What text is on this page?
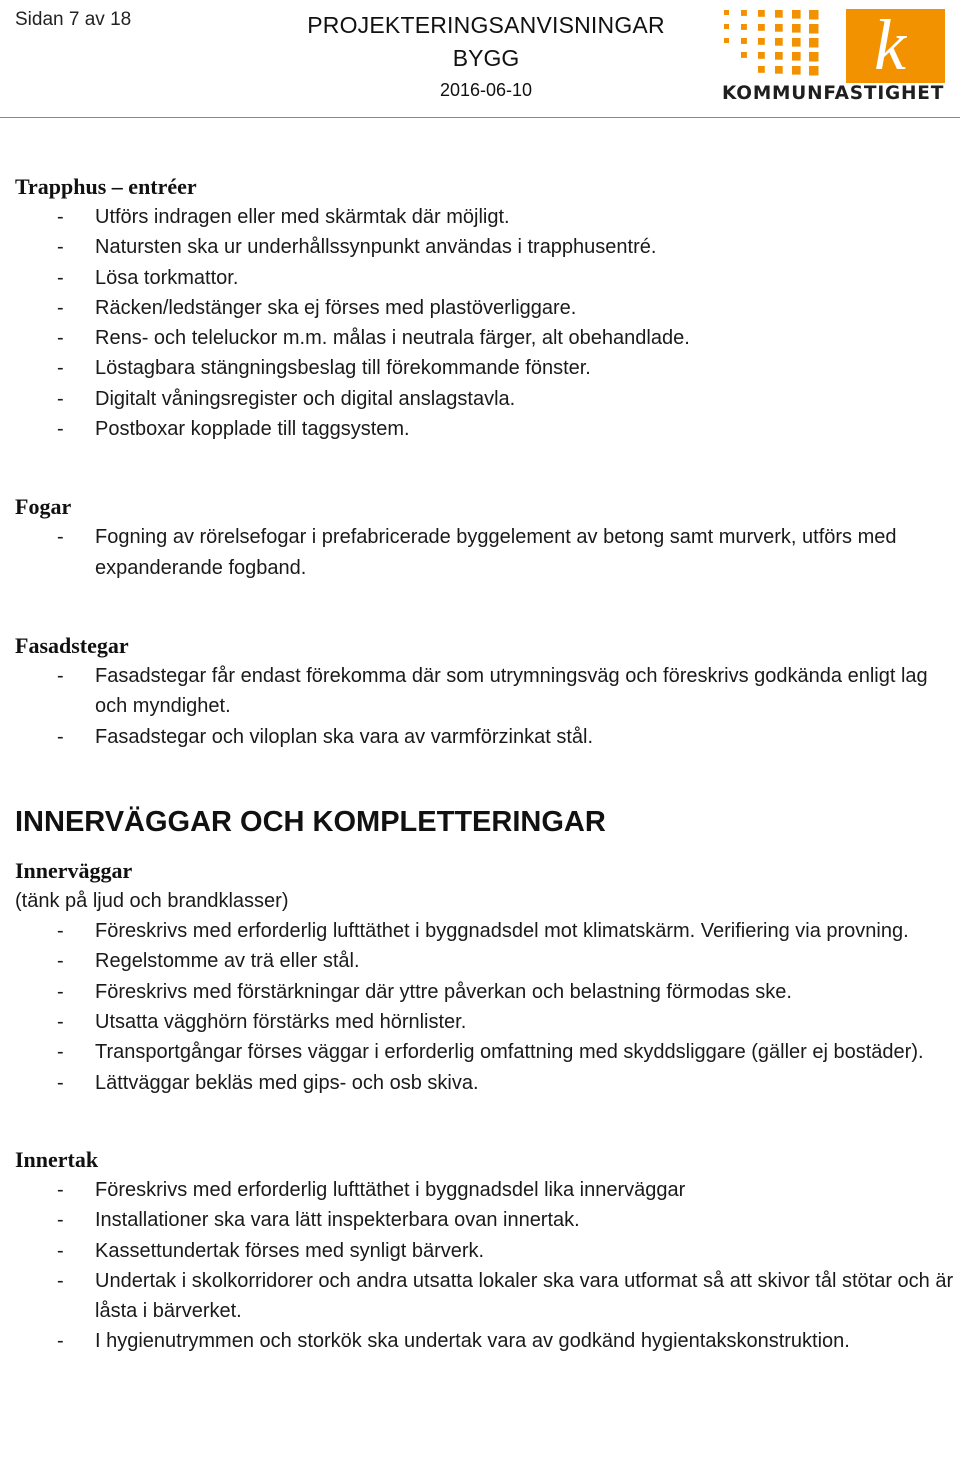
Sidan 7 av 18	PROJEKTERINGSANVISNINGAR
BYGG
2016-06-10
k
KOMMUNFASTIGHET
Trapphus – entréer
- Utförs indragen eller med skärmtak där möjligt.
- Natursten ska ur underhållssynpunkt användas i trapphusentré.
- Lösa torkmattor.
- Räcken/ledstänger ska ej förses med plastöverliggare.
- Rens- och teleluckor m.m. målas i neutrala färger, alt obehandlade.
- Löstagbara stängningsbeslag till förekommande fönster.
- Digitalt våningsregister och digital anslagstavla.
- Postboxar kopplade till taggsystem.
Fogar
- Fogning av rörelsefogar i prefabricerade byggelement av betong samt murverk, utförs med expanderande fogband.
Fasadstegar
- Fasadstegar får endast förekomma där som utrymningsväg och föreskrivs godkända enligt lag och myndighet.
- Fasadstegar och viloplan ska vara av varmförzinkat stål.
INNERVÄGGAR OCH KOMPLETTERINGAR
Innerväggar

(tänk på ljud och brandklasser)

- Föreskrivs med erforderlig lufttäthet i byggnadsdel mot klimatskärm. Verifiering via provning.
- Regelstomme av trä eller stål.
- Föreskrivs med förstärkningar där yttre påverkan och belastning förmodas ske.
- Utsatta vägghörn förstärks med hörnlister.
- Transportgångar förses väggar i erforderlig omfattning med skyddsliggare (gäller ej bostäder).
- Lättväggar bekläs med gips- och osb skiva.
Innertak
- Föreskrivs med erforderlig lufttäthet i byggnadsdel lika innerväggar
- Installationer ska vara lätt inspekterbara ovan innertak.
- Kassettundertak förses med synligt bärverk.
- Undertak i skolkorridorer och andra utsatta lokaler ska vara utformat så att skivor tål stötar och är låsta i bärverket.
- I hygienutrymmen och storkök ska undertak vara av godkänd hygientakskonstruktion.
